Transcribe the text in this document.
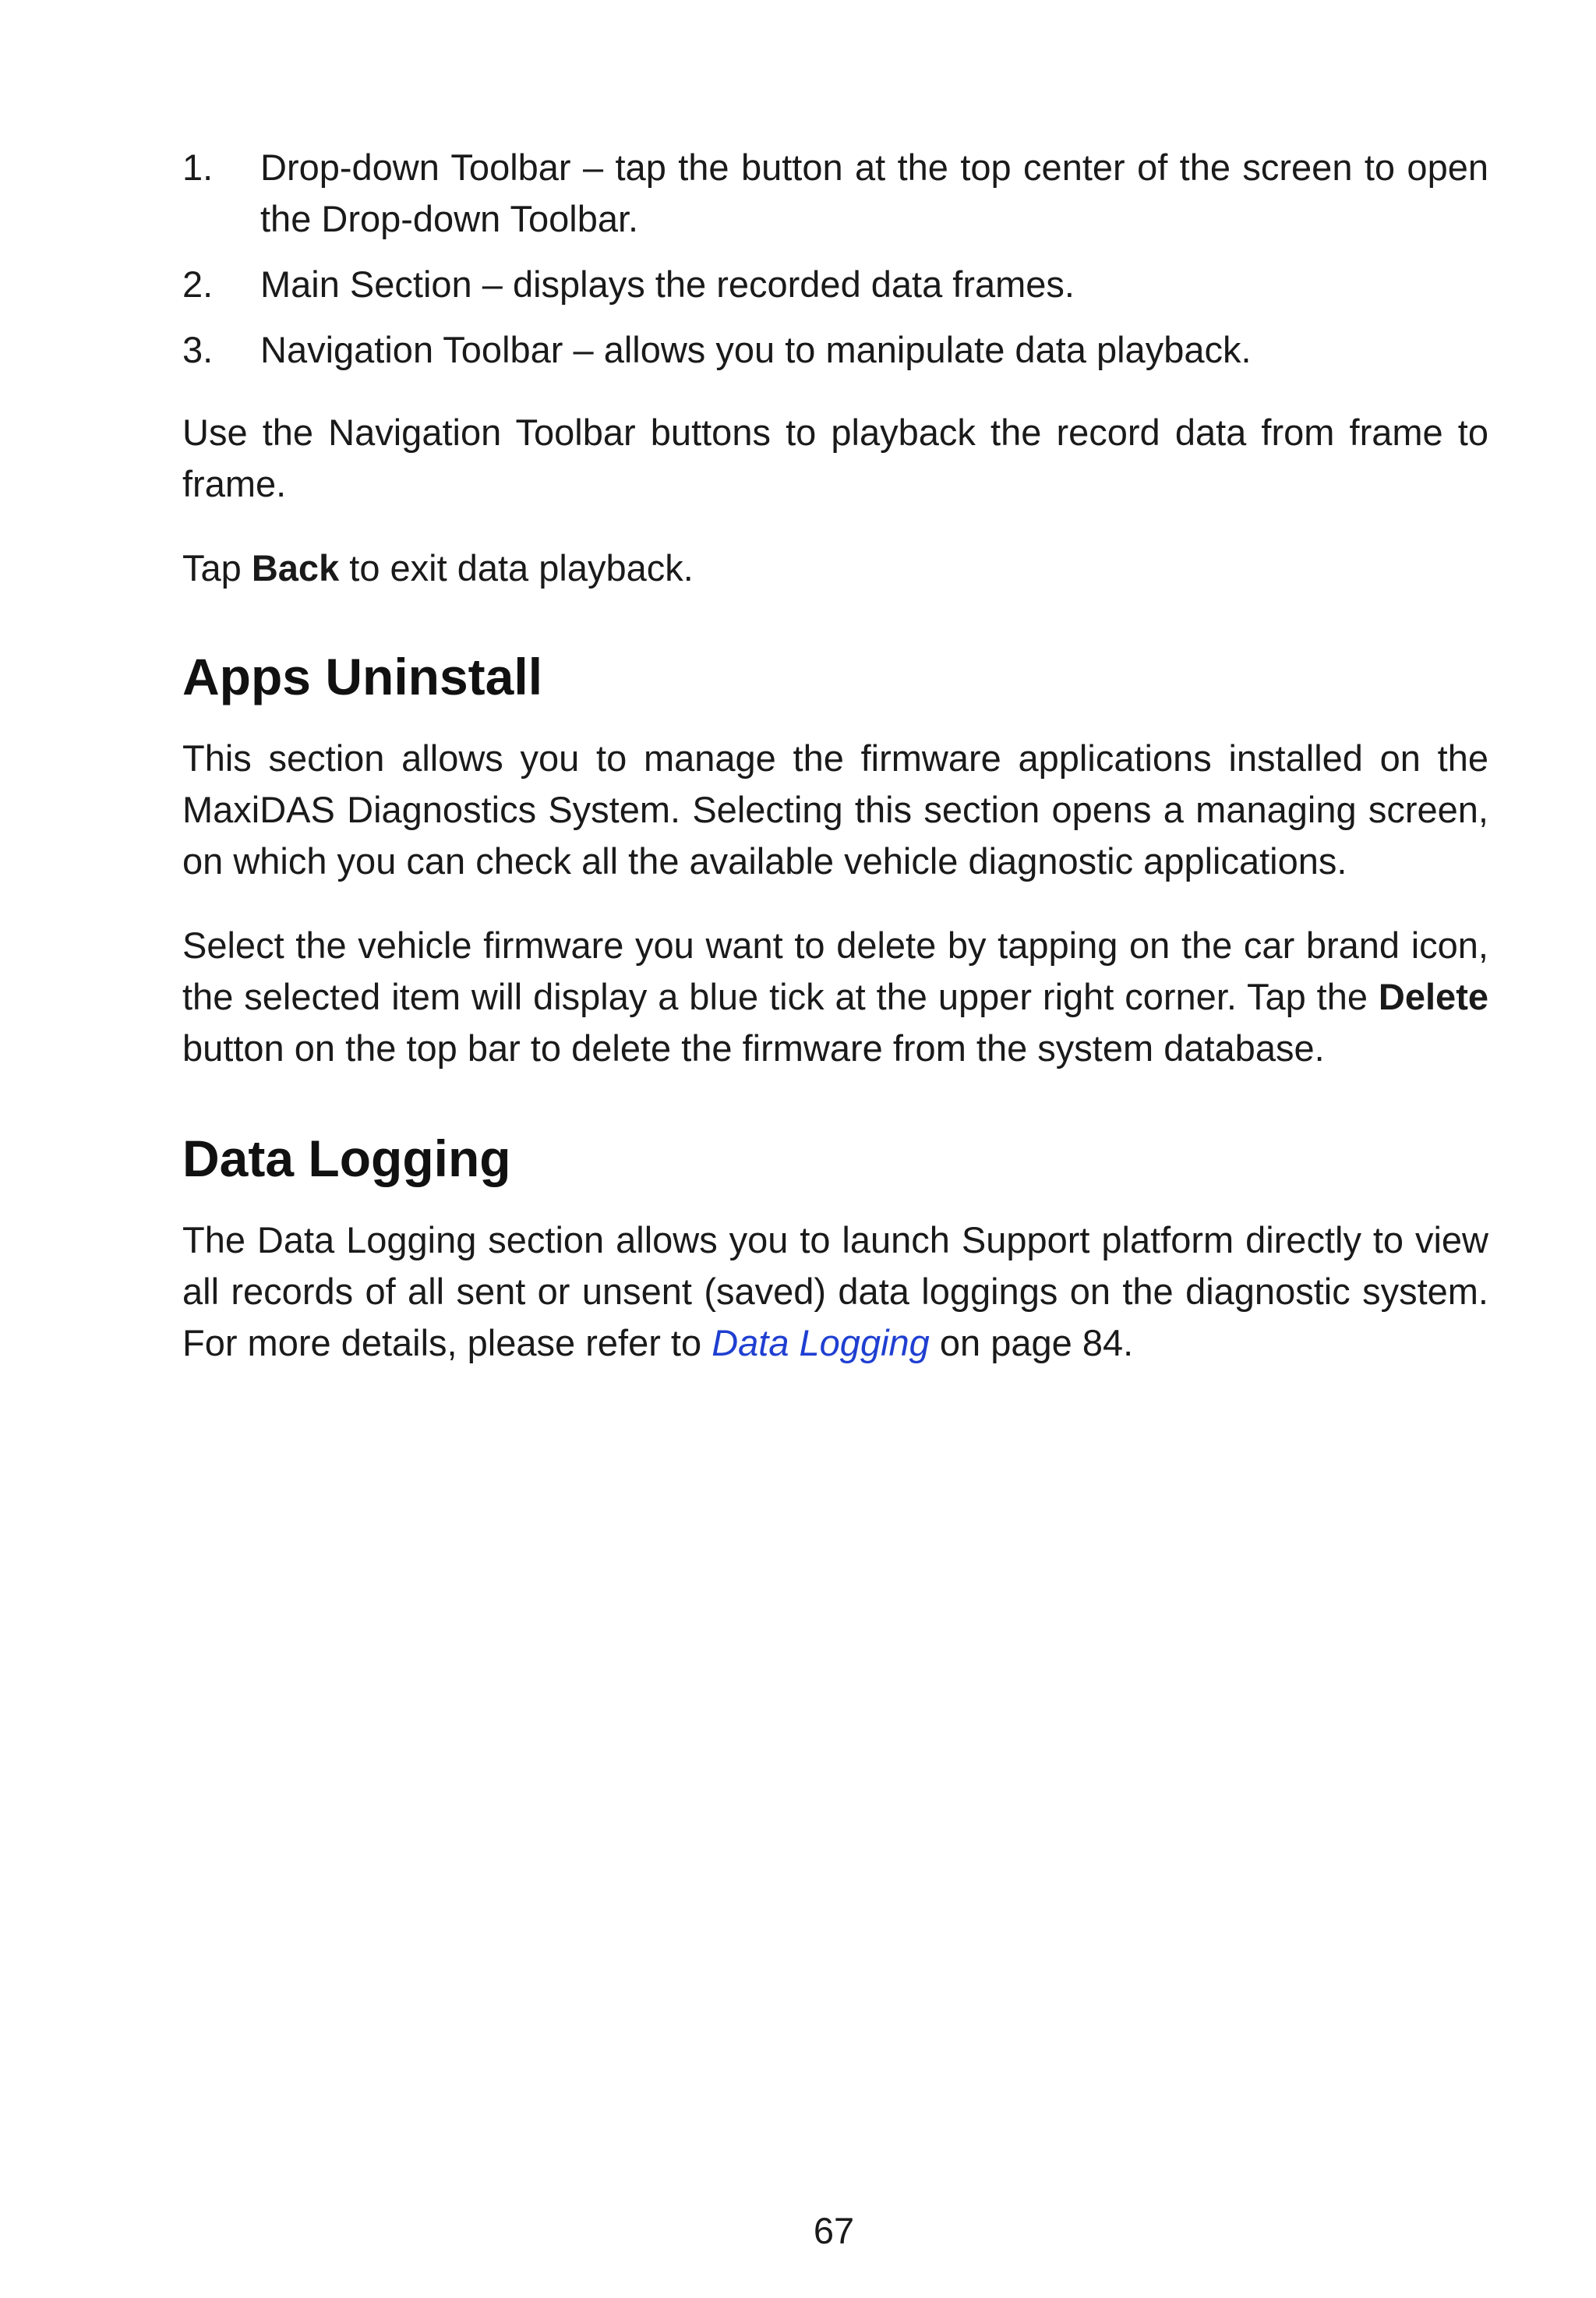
1.	Drop-down Toolbar – tap the button at the top center of the screen to open the Drop-down Toolbar.
2.	Main Section – displays the recorded data frames.
3.	Navigation Toolbar – allows you to manipulate data playback.

Use the Navigation Toolbar buttons to playback the record data from frame to frame.

Tap Back to exit data playback.

Apps Uninstall

This section allows you to manage the firmware applications installed on the MaxiDAS Diagnostics System. Selecting this section opens a managing screen, on which you can check all the available vehicle diagnostic applications.

Select the vehicle firmware you want to delete by tapping on the car brand icon, the selected item will display a blue tick at the upper right corner. Tap the Delete button on the top bar to delete the firmware from the system database.

Data Logging

The Data Logging section allows you to launch Support platform directly to view all records of all sent or unsent (saved) data loggings on the diagnostic system. For more details, please refer to Data Logging on page 84.

67
